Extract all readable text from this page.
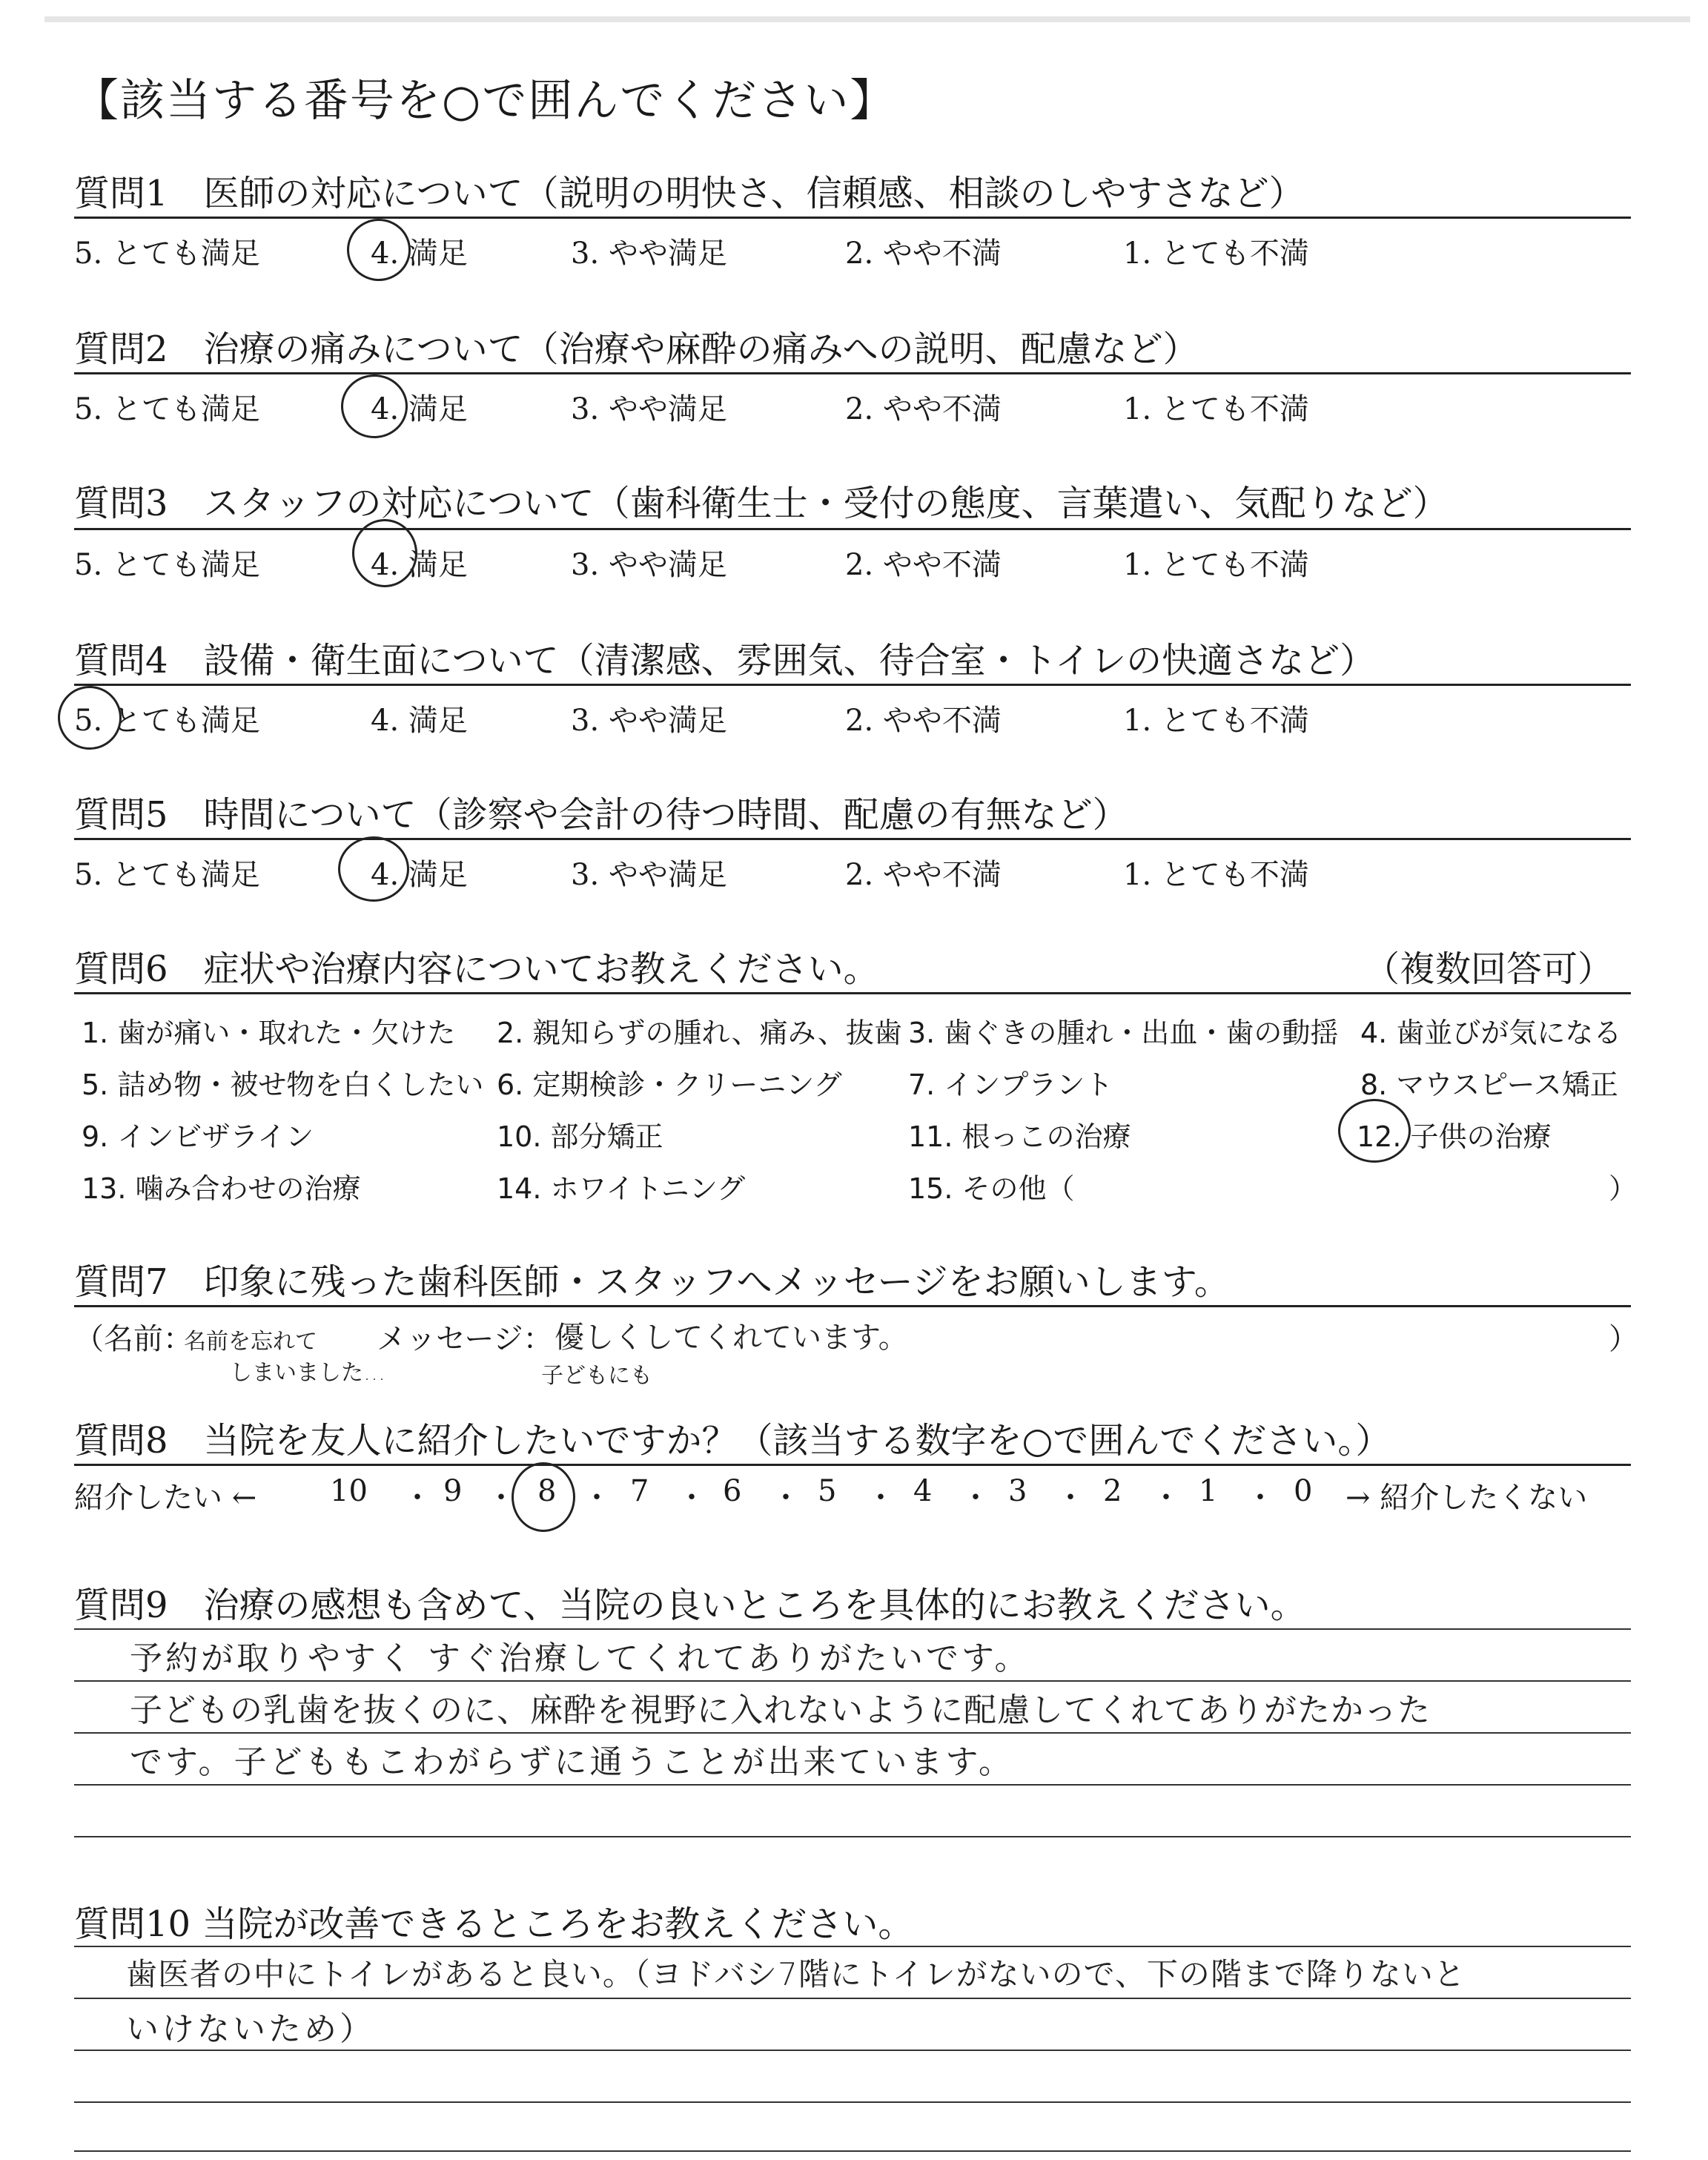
【該当する番号を○で囲んでください】
質問1　医師の対応について（説明の明快さ、信頼感、相談のしやすさなど）
5. とても満足	4. 満足	3. やや満足	2. やや不満	1. とても不満
質問2　治療の痛みについて（治療や麻酔の痛みへの説明、配慮など）
5. とても満足	4. 満足	3. やや満足	2. やや不満	1. とても不満
質問3　スタッフの対応について（歯科衛生士・受付の態度、言葉遣い、気配りなど）
5. とても満足	4. 満足	3. やや満足	2. やや不満	1. とても不満
質問4　設備・衛生面について（清潔感、雰囲気、待合室・トイレの快適さなど）
5. とても満足	4. 満足	3. やや満足	2. やや不満	1. とても不満
質問5　時間について（診察や会計の待つ時間、配慮の有無など）
5. とても満足	4. 満足	3. やや満足	2. やや不満	1. とても不満
質問6　症状や治療内容についてお教えください。	（複数回答可）
1. 歯が痛い・取れた・欠けた 2. 親知らずの腫れ、痛み、抜歯 3. 歯ぐきの腫れ・出血・歯の動揺 4. 歯並びが気になる
5. 詰め物・被せ物を白くしたい 6. 定期検診・クリーニング 7. インプラント	8. マウスピース矯正
9. インビザライン	10. 部分矯正	11. 根っこの治療	12. 子供の治療
13. 噛み合わせの治療	14. ホワイトニング	15. その他（	）
質問7　印象に残った歯科医師・スタッフへメッセージをお願いします。
（名前：
名前を忘れて
しまいました…
メッセージ： 優しくしてくれています。
子どもにも
）
質問8　当院を友人に紹介したいですか？（該当する数字を○で囲んでください。）
紹介したい ← 10 ・ 9 ・ 8 ・ 7 ・ 6 ・ 5 ・ 4 ・ 3 ・ 2 ・ 1 ・ 0 → 紹介したくない
質問9　治療の感想も含めて、当院の良いところを具体的にお教えください。
予約が取りやすく すぐ治療してくれてありがたいです。
子どもの乳歯を抜くのに、麻酔を視野に入れないように配慮してくれてありがたかった
です。子どももこわがらずに通うことが出来ています。
質問10 当院が改善できるところをお教えください。
歯医者の中にトイレがあると良い。（ヨドバシ7階にトイレがないので、下の階まで降りないと
いけないため）
